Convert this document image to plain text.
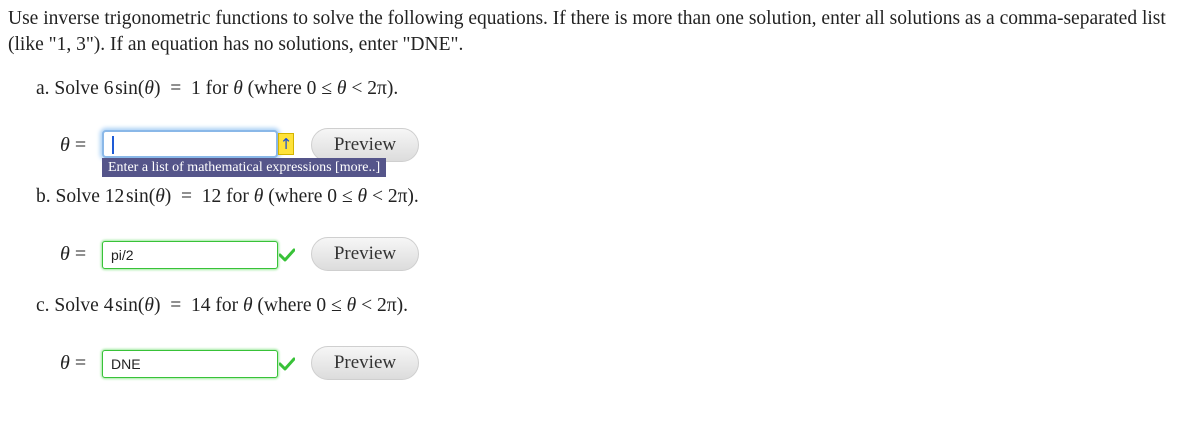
Use inverse trigonometric functions to solve the following equations. If there is more than one solution, enter all solutions as a comma-separated list (like "1, 3"). If an equation has no solutions, enter "DNE".
a. Solve 6 sin(θ)  = 1 for θ (where 0 ≤ θ < 2π).
θ =	↑	Preview
Enter a list of mathematical expressions [more..]
b. Solve 12 sin(θ)  = 12 for θ (where 0 ≤ θ < 2π).
θ =	pi/2	Preview
c. Solve 4 sin(θ)  = 14 for θ (where 0 ≤ θ < 2π).
θ =	DNE	Preview
